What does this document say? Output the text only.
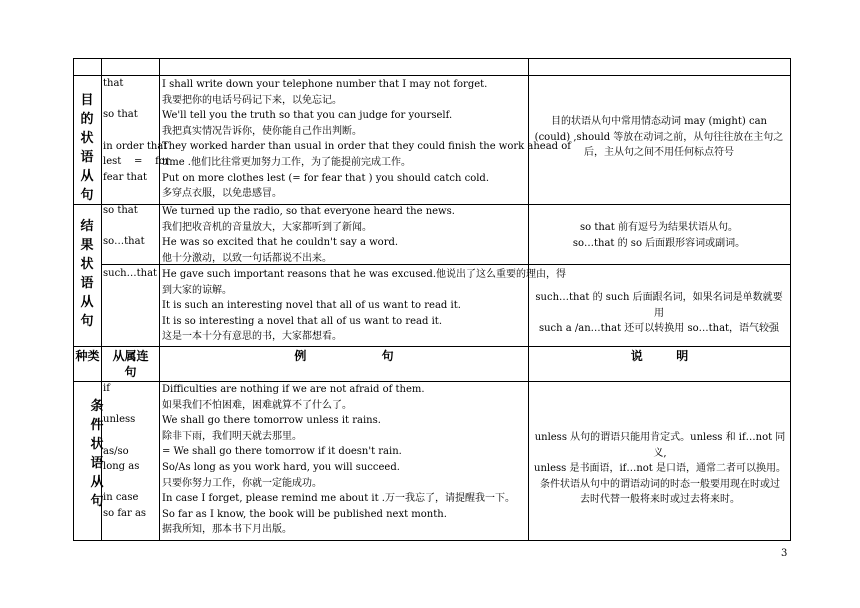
目
的
状
语
从
句
that
so that
in order that
lest    =    for
fear that
I shall write down your telephone number that I may not forget.
我要把你的电话号码记下来，以免忘记。
We'll tell you the truth so that you can judge for yourself.
我把真实情况告诉你，使你能自己作出判断。
They worked harder than usual in order that they could finish the work ahead of
time .他们比往常更加努力工作，为了能提前完成工作。
Put on more clothes lest (= for fear that ) you should catch cold.
多穿点衣服，以免患感冒。
目的状语从句中常用情态动词 may (might) can
(could) ,should 等放在动词之前，从句往往放在主句之
后，主从句之间不用任何标点符号
结
果
状
语
从
句
so that
so…that
We turned up the radio, so that everyone heard the news.
我们把收音机的音量放大，大家都听到了新闻。
He was so excited that he couldn't say a word.
他十分激动，以致一句话都说不出来。
so that 前有逗号为结果状语从句。
so…that 的 so 后面跟形容词或副词。
such…that He gave such important reasons that he was excused.他说出了这么重要的理由，得
到大家的谅解。
It is such an interesting novel that all of us want to read it.
It is so interesting a novel that all of us want to read it.
这是一本十分有意思的书，大家都想看。
such…that 的 such 后面跟名词，如果名词是单数就要用
such a /an…that 还可以转换用 so…that，语气较强
种类	从属连
句
例                  句	说        明
条
件
状
语
从
句
if
unless
as/so
long as
in case
so far as
Difficulties are nothing if we are not afraid of them.
如果我们不怕困难，困难就算不了什么了。
We shall go there tomorrow unless it rains.
除非下雨，我们明天就去那里。
= We shall go there tomorrow if it doesn't rain.
So/As long as you work hard, you will succeed.
只要你努力工作，你就一定能成功。
In case I forget, please remind me about it .万一我忘了，请提醒我一下。
So far as I know, the book will be published next month.
据我所知，那本书下月出版。
unless 从句的谓语只能用肯定式。unless 和 if…not 同义,
unless 是书面语，if…not 是口语，通常二者可以换用。
条件状语从句中的谓语动词的时态一般要用现在时或过
去时代替一般将来时或过去将来时。
3
